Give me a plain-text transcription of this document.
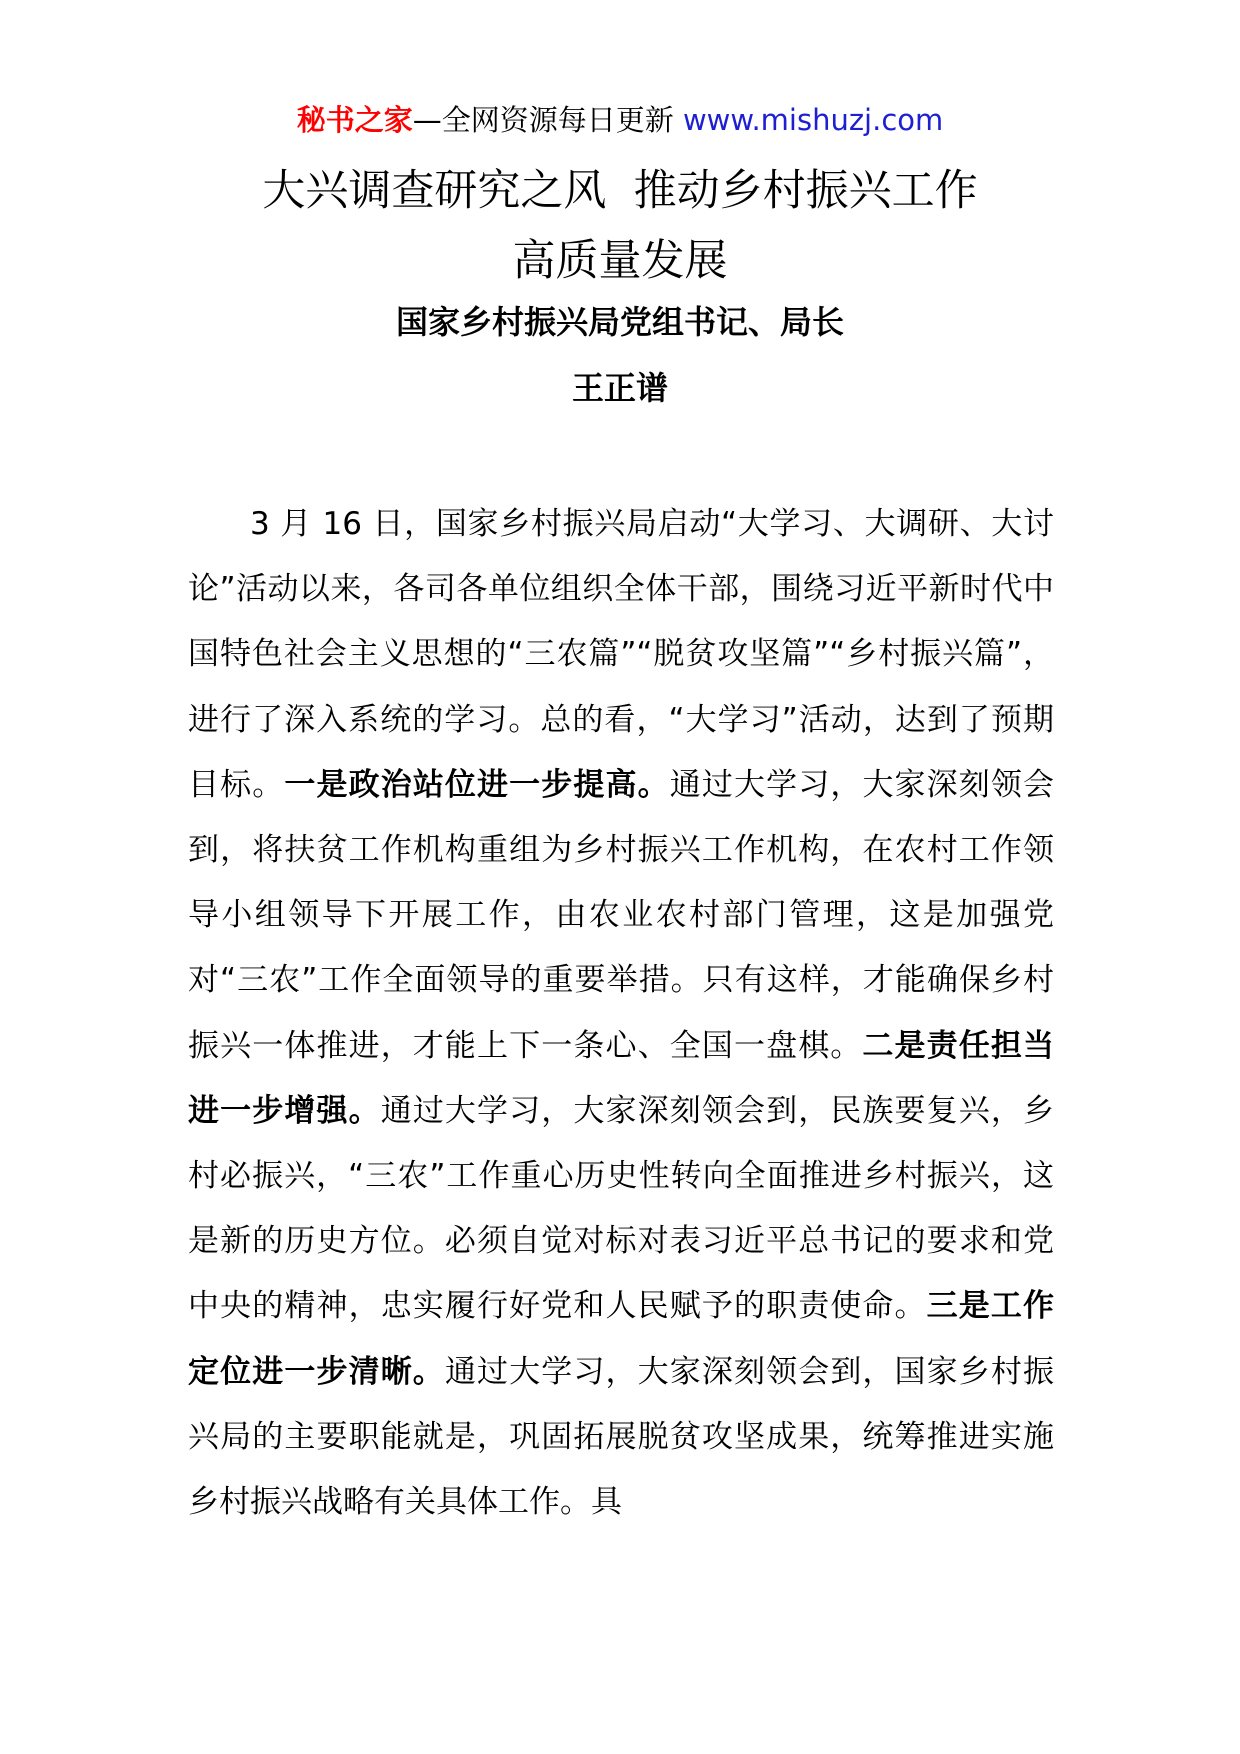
秘书之家—全网资源每日更新 www.mishuzj.com
大兴调查研究之风  推动乡村振兴工作
高质量发展
国家乡村振兴局党组书记、局长
王正谱

3 月 16 日，国家乡村振兴局启动“大学习、大调研、大讨论”活动以来，各司各单位组织全体干部，围绕习近平新时代中国特色社会主义思想的“三农篇”“脱贫攻坚篇”“乡村振兴篇”，进行了深入系统的学习。总的看，“大学习”活动，达到了预期目标。一是政治站位进一步提高。通过大学习，大家深刻领会到，将扶贫工作机构重组为乡村振兴工作机构，在农村工作领导小组领导下开展工作，由农业农村部门管理，这是加强党对“三农”工作全面领导的重要举措。只有这样，才能确保乡村振兴一体推进，才能上下一条心、全国一盘棋。二是责任担当进一步增强。通过大学习，大家深刻领会到，民族要复兴，乡村必振兴，“三农”工作重心历史性转向全面推进乡村振兴，这是新的历史方位。必须自觉对标对表习近平总书记的要求和党中央的精神，忠实履行好党和人民赋予的职责使命。三是工作定位进一步清晰。通过大学习，大家深刻领会到，国家乡村振兴局的主要职能就是，巩固拓展脱贫攻坚成果，统筹推进实施乡村振兴战略有关具体工作。具
